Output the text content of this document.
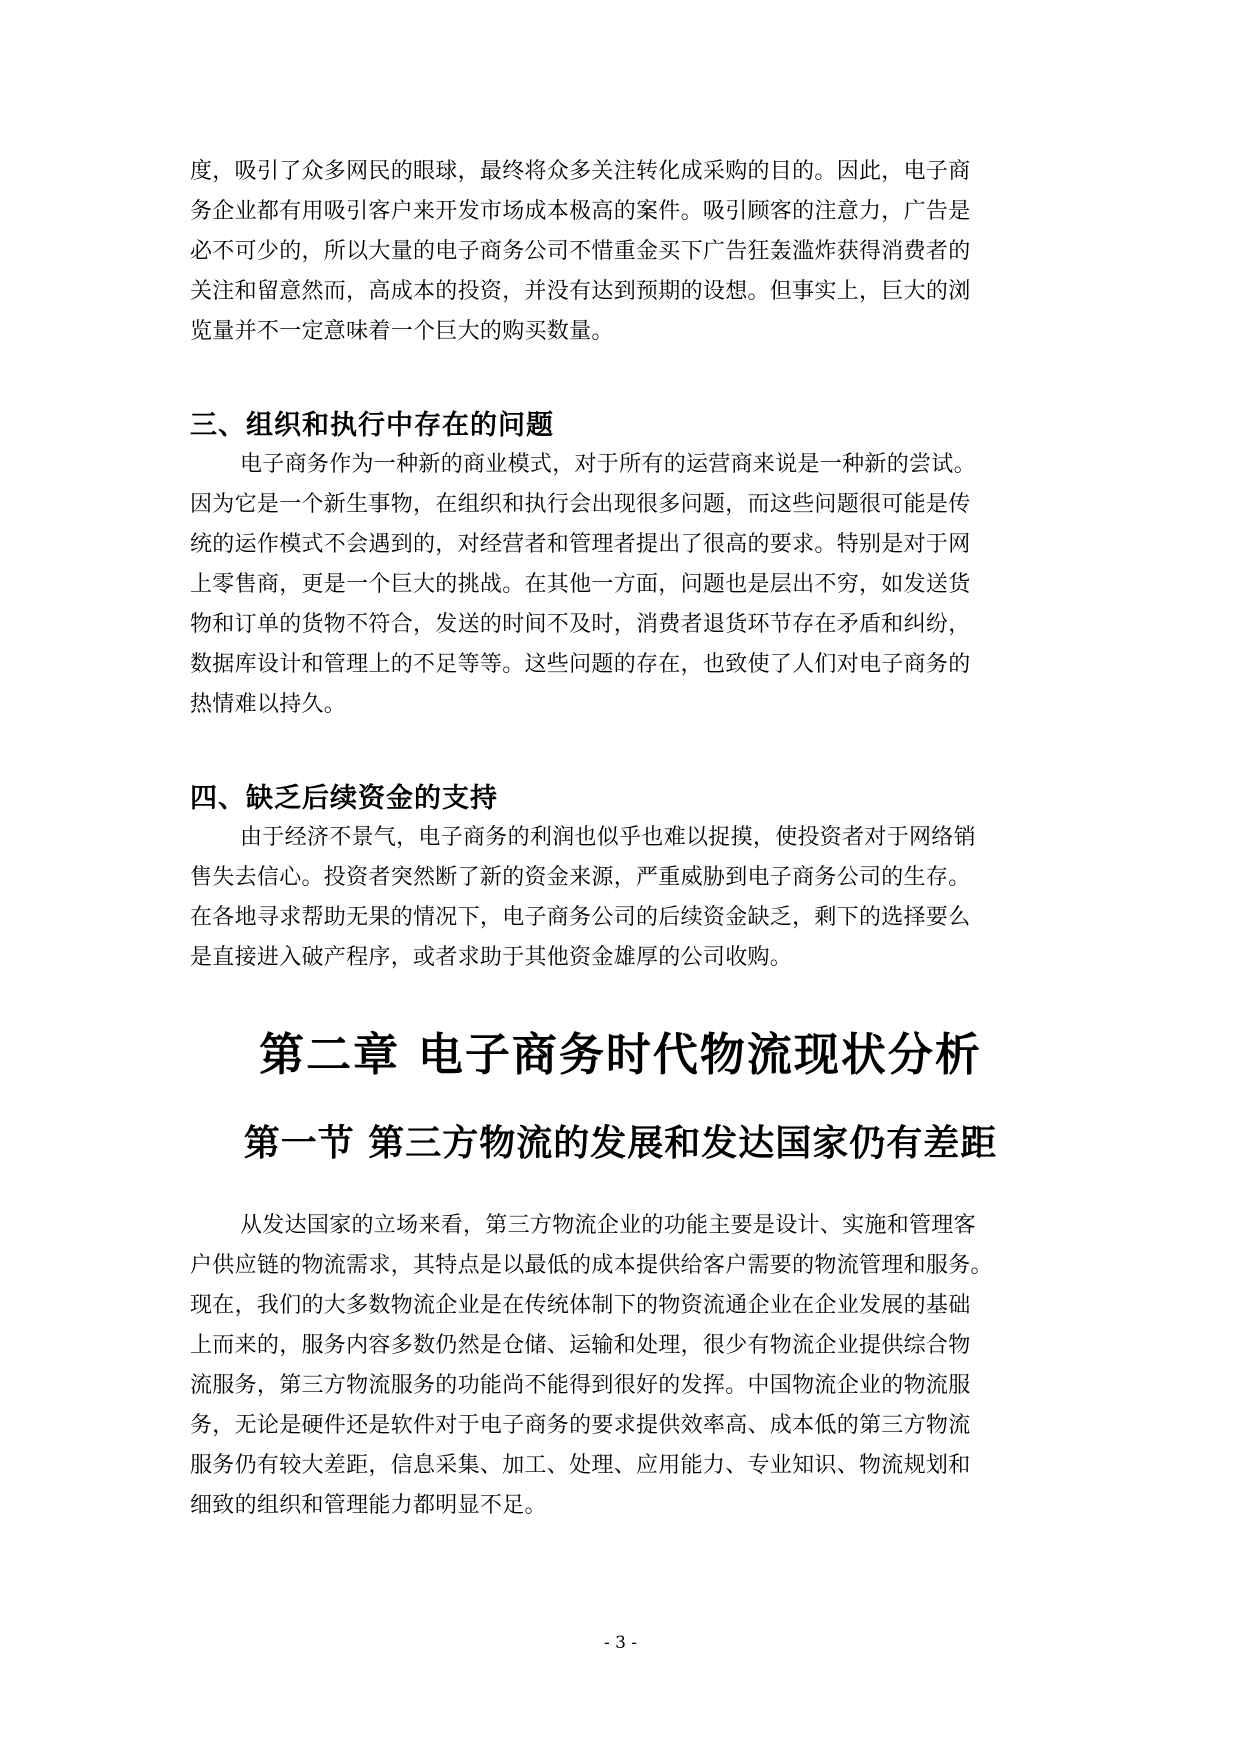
度，吸引了众多网民的眼球，最终将众多关注转化成采购的目的。因此，电子商
务企业都有用吸引客户来开发市场成本极高的案件。吸引顾客的注意力，广告是
必不可少的，所以大量的电子商务公司不惜重金买下广告狂轰滥炸获得消费者的
关注和留意然而，高成本的投资，并没有达到预期的设想。但事实上，巨大的浏
览量并不一定意味着一个巨大的购买数量。
三、组织和执行中存在的问题
电子商务作为一种新的商业模式，对于所有的运营商来说是一种新的尝试。
因为它是一个新生事物，在组织和执行会出现很多问题，而这些问题很可能是传
统的运作模式不会遇到的，对经营者和管理者提出了很高的要求。特别是对于网
上零售商，更是一个巨大的挑战。在其他一方面，问题也是层出不穷，如发送货
物和订单的货物不符合，发送的时间不及时，消费者退货环节存在矛盾和纠纷，
数据库设计和管理上的不足等等。这些问题的存在，也致使了人们对电子商务的
热情难以持久。
四、缺乏后续资金的支持
由于经济不景气，电子商务的利润也似乎也难以捉摸，使投资者对于网络销
售失去信心。投资者突然断了新的资金来源，严重威胁到电子商务公司的生存。
在各地寻求帮助无果的情况下，电子商务公司的后续资金缺乏，剩下的选择要么
是直接进入破产程序，或者求助于其他资金雄厚的公司收购。
第二章 电子商务时代物流现状分析
第一节 第三方物流的发展和发达国家仍有差距
从发达国家的立场来看，第三方物流企业的功能主要是设计、实施和管理客
户供应链的物流需求，其特点是以最低的成本提供给客户需要的物流管理和服务。
现在，我们的大多数物流企业是在传统体制下的物资流通企业在企业发展的基础
上而来的，服务内容多数仍然是仓储、运输和处理，很少有物流企业提供综合物
流服务，第三方物流服务的功能尚不能得到很好的发挥。中国物流企业的物流服
务，无论是硬件还是软件对于电子商务的要求提供效率高、成本低的第三方物流
服务仍有较大差距，信息采集、加工、处理、应用能力、专业知识、物流规划和
细致的组织和管理能力都明显不足。
- 3 -
